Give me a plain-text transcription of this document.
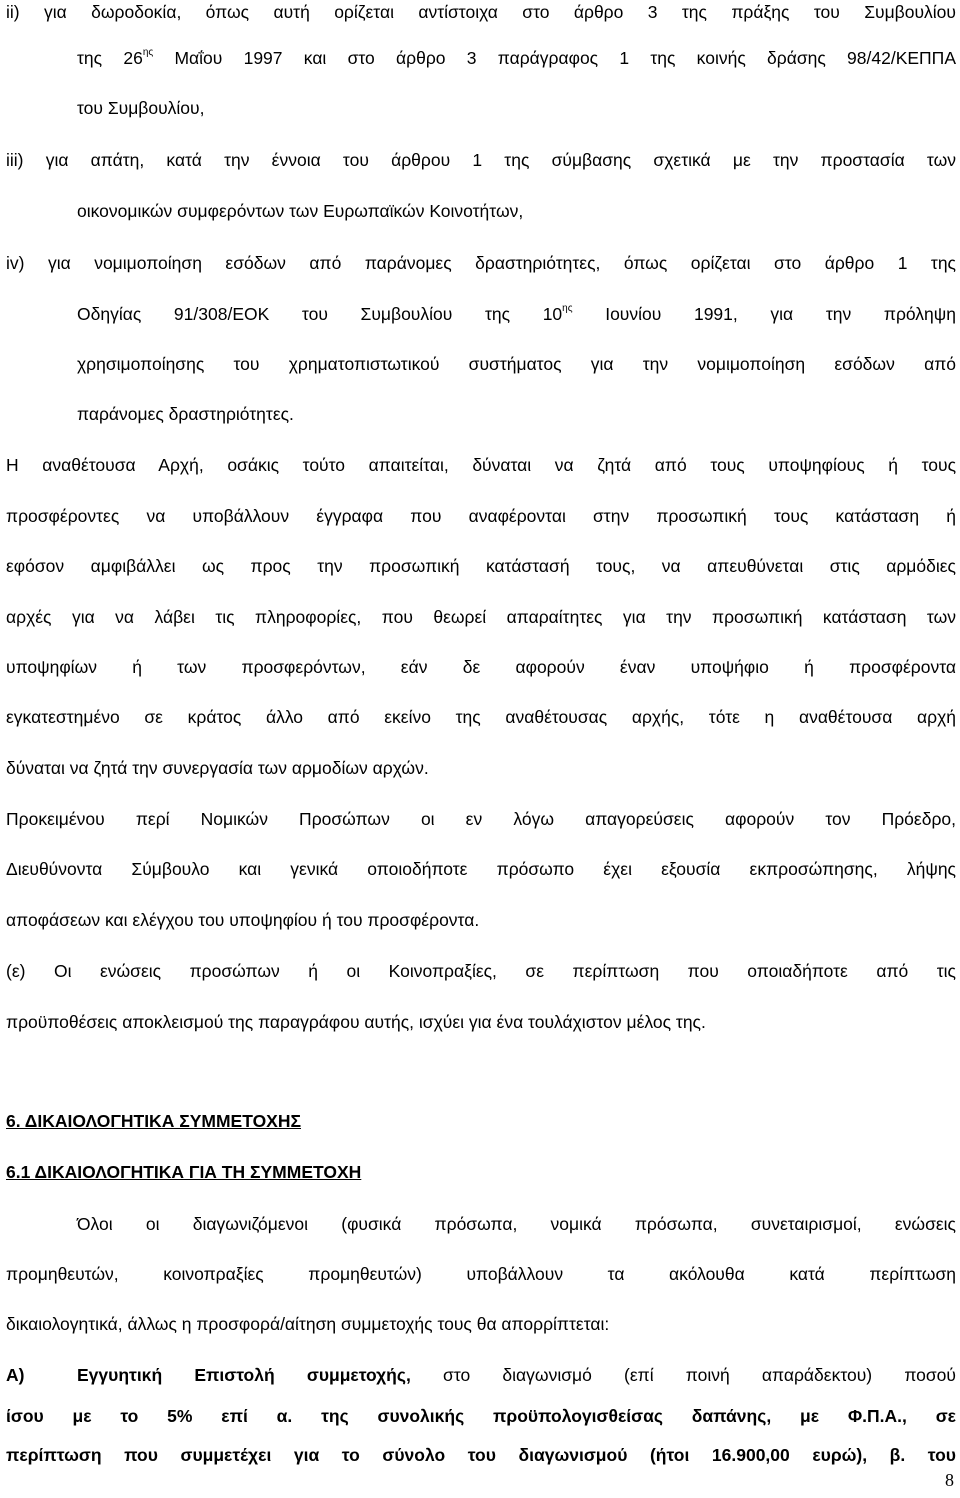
ii) για δωροδοκία, όπως αυτή ορίζεται αντίστοιχα στο άρθρο 3 της πράξης του Συμβουλίου
της $26^{\eta\varsigma}$ Μαΐου 1997 και στο άρθρο 3 παράγραφος 1 της κοινής δράσης 98/42/ΚΕΠΠΑ
του Συμβουλίου,
iii) για απάτη, κατά την έννοια του άρθρου 1 της σύμβασης σχετικά με την προστασία των
οικονομικών συμφερόντων των Ευρωπαϊκών Κοινοτήτων,
iv) για νομιμοποίηση εσόδων από παράνομες δραστηριότητες, όπως ορίζεται στο άρθρο 1 της
Οδηγίας 91/308/ΕΟΚ του Συμβουλίου της $10^{\eta\varsigma}$ Ιουνίου 1991, για την πρόληψη
χρησιμοποίησης του χρηματοπιστωτικού συστήματος για την νομιμοποίηση εσόδων από
παράνομες δραστηριότητες.
Η αναθέτουσα Αρχή, οσάκις τούτο απαιτείται, δύναται να ζητά από τους υποψηφίους ή τους
προσφέροντες να υποβάλλουν έγγραφα που αναφέρονται στην προσωπική τους κατάσταση ή
εφόσον αμφιβάλλει ως προς την προσωπική κατάστασή τους, να απευθύνεται στις αρμόδιες
αρχές για να λάβει τις πληροφορίες, που θεωρεί απαραίτητες για την προσωπική κατάσταση των
υποψηφίων ή των προσφερόντων, εάν δε αφορούν έναν υποψήφιο ή προσφέροντα
εγκατεστημένο σε κράτος άλλο από εκείνο της αναθέτουσας αρχής, τότε η αναθέτουσα αρχή
δύναται να ζητά την συνεργασία των αρμοδίων αρχών.
Προκειμένου περί Νομικών Προσώπων οι εν λόγω απαγορεύσεις αφορούν τον Πρόεδρο,
Διευθύνοντα Σύμβουλο και γενικά οποιοδήποτε πρόσωπο έχει εξουσία εκπροσώπησης, λήψης
αποφάσεων και ελέγχου του υποψηφίου ή του προσφέροντα.
(ε) Οι ενώσεις προσώπων ή οι Κοινοπραξίες, σε περίπτωση που οποιαδήποτε από τις
προϋποθέσεις αποκλεισμού της παραγράφου αυτής, ισχύει για ένα τουλάχιστον μέλος της.
6. ΔΙΚΑΙΟΛΟΓΗΤΙΚΑ ΣΥΜΜΕΤΟΧΗΣ
6.1 ΔΙΚΑΙΟΛΟΓΗΤΙΚΑ ΓΙΑ ΤΗ ΣΥΜΜΕΤΟΧΗ
Όλοι οι διαγωνιζόμενοι (φυσικά πρόσωπα, νομικά πρόσωπα, συνεταιρισμοί, ενώσεις
προμηθευτών, κοινοπραξίες προμηθευτών) υποβάλλουν τα ακόλουθα κατά περίπτωση
δικαιολογητικά, άλλως η προσφορά/αίτηση συμμετοχής τους θα απορρίπτεται:
Α)	Εγγυητική Επιστολή συμμετοχής, στο διαγωνισμό (επί ποινή απαράδεκτου) ποσού
ίσου με το 5% επί α. της συνολικής προϋπολογισθείσας δαπάνης, με Φ.Π.Α., σε
περίπτωση που συμμετέχει για το σύνολο του διαγωνισμού (ήτοι 16.900,00 ευρώ), β. του
8
